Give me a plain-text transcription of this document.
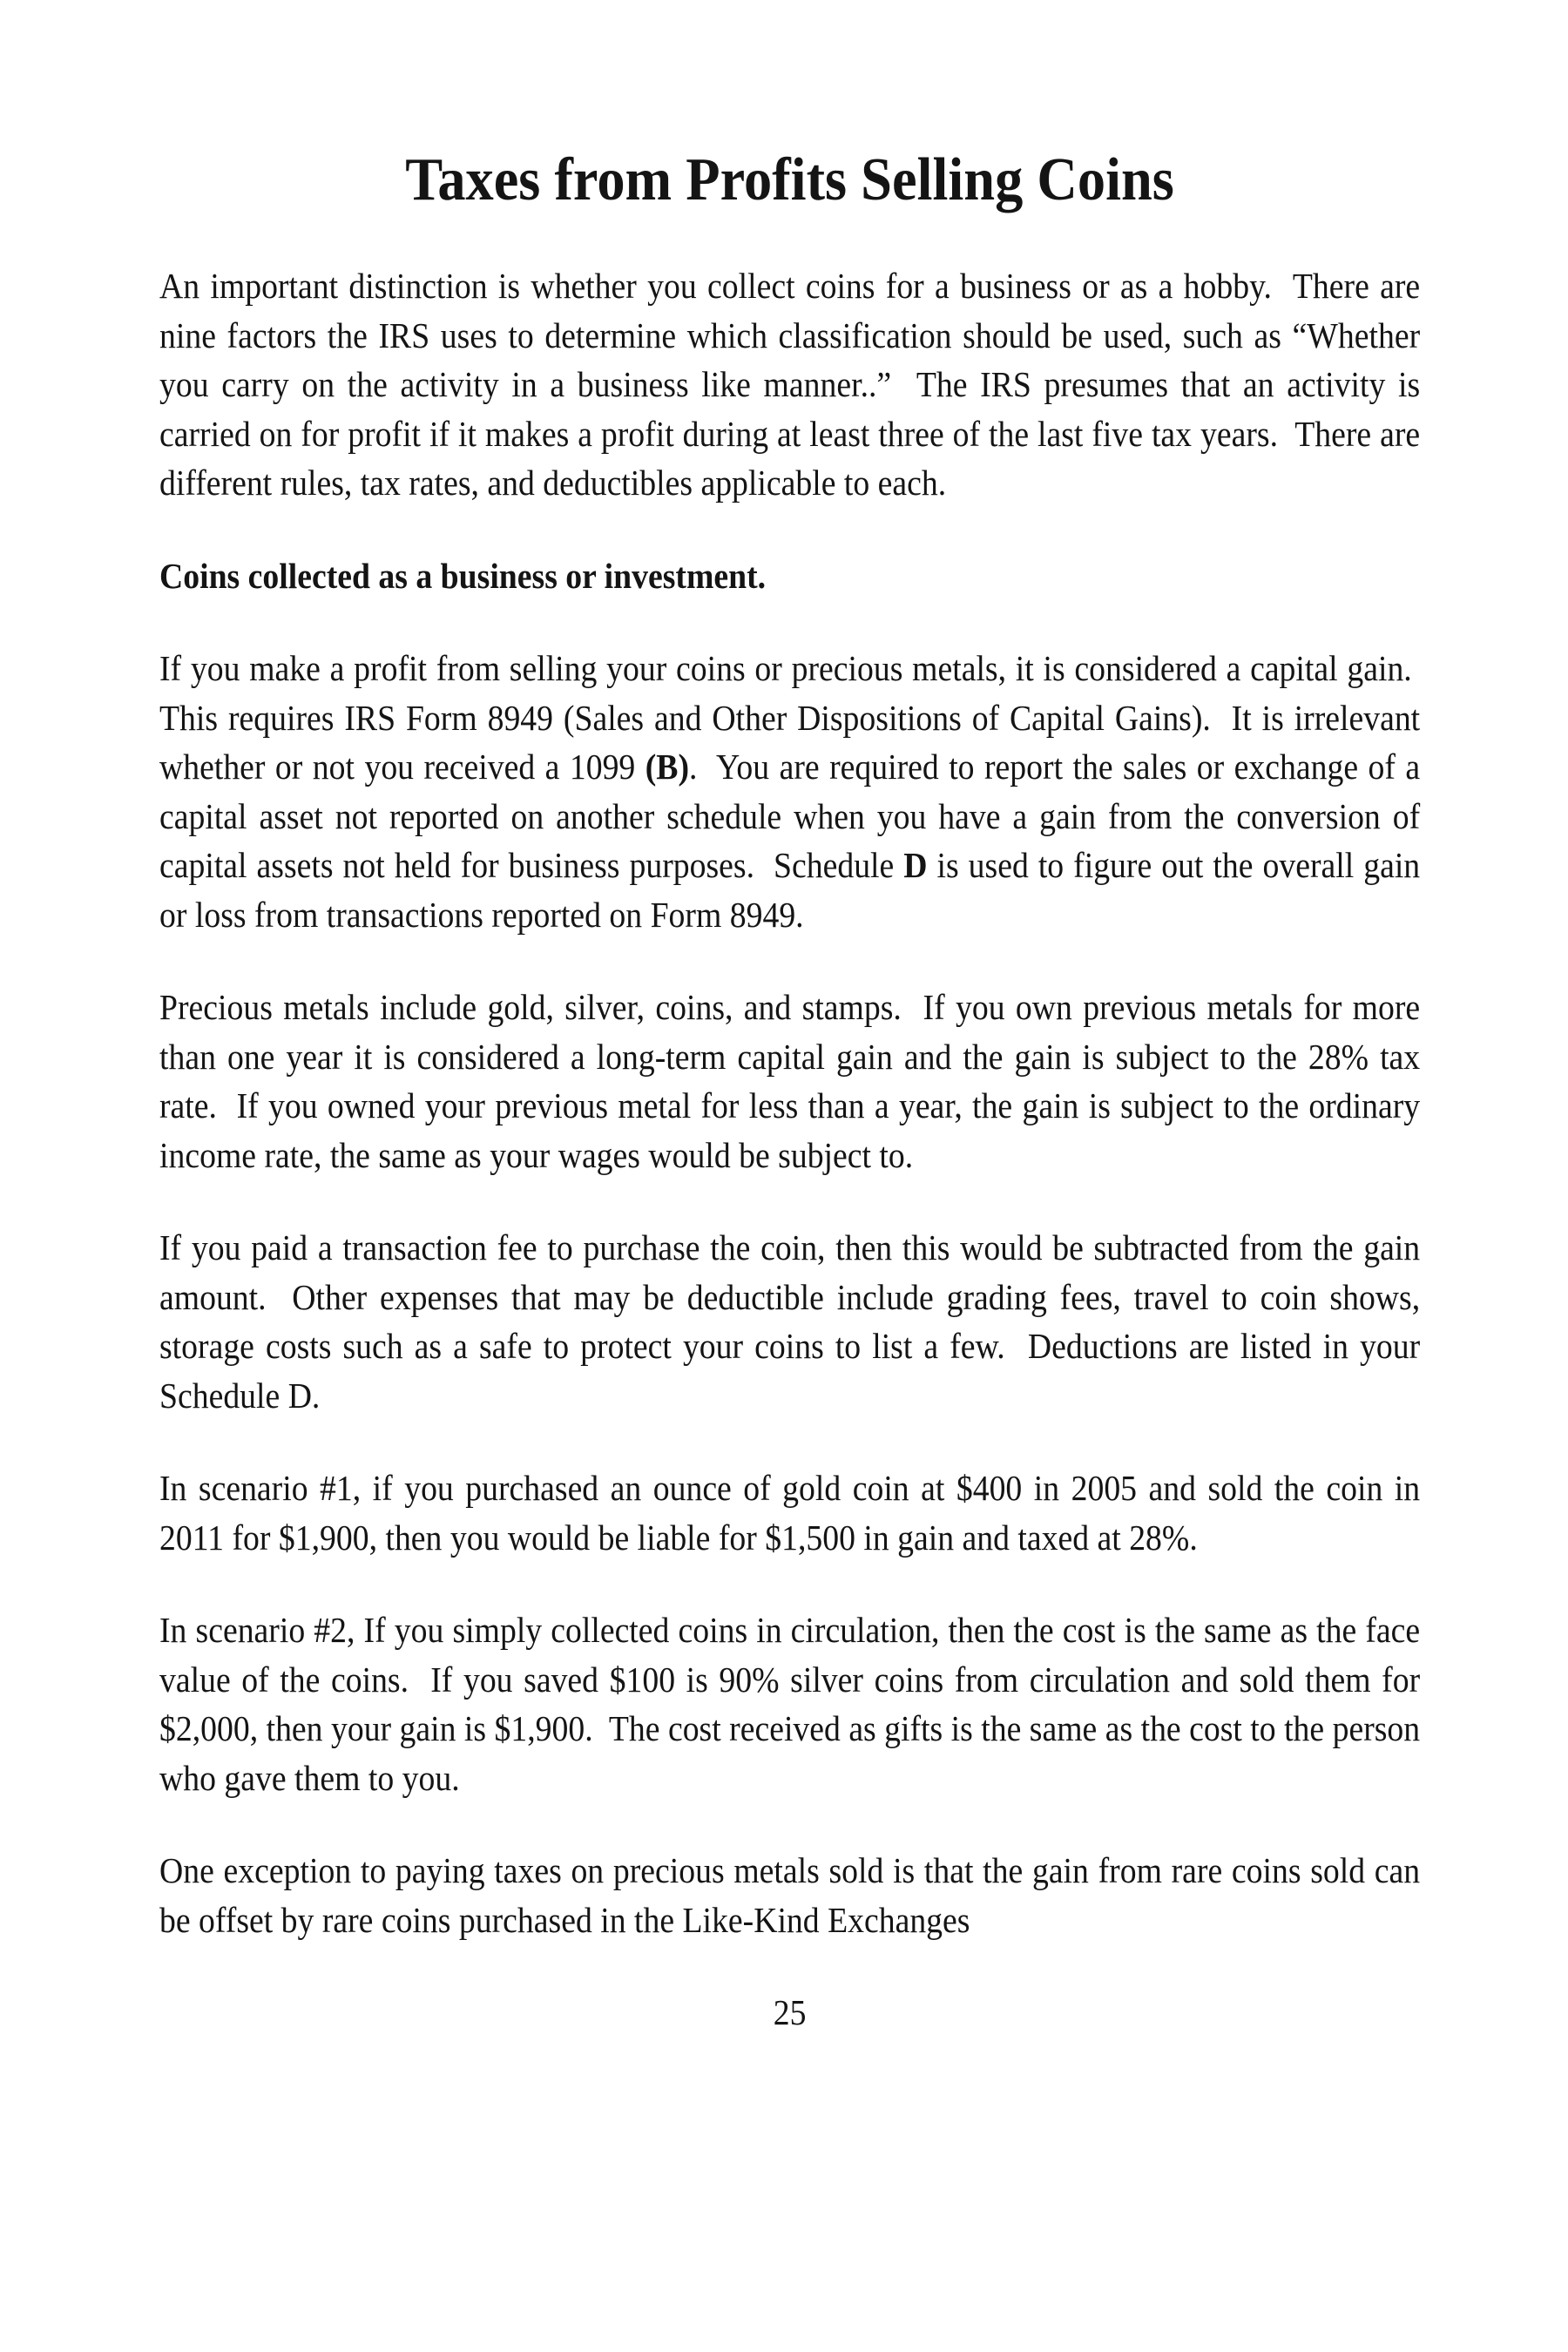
Taxes from Profits Selling Coins

An important distinction is whether you collect coins for a business or as a hobby.  There are nine factors the IRS uses to determine which classification should be used, such as “Whether you carry on the activity in a business like manner..”  The IRS presumes that an activity is carried on for profit if it makes a profit during at least three of the last five tax years.  There are different rules, tax rates, and deductibles applicable to each.

Coins collected as a business or investment.

If you make a profit from selling your coins or precious metals, it is considered a capital gain.  This requires IRS Form 8949 (Sales and Other Dispositions of Capital Gains).  It is irrelevant whether or not you received a 1099 (B).  You are required to report the sales or exchange of a capital asset not reported on another schedule when you have a gain from the conversion of capital assets not held for business purposes.  Schedule D is used to figure out the overall gain or loss from transactions reported on Form 8949.

Precious metals include gold, silver, coins, and stamps.  If you own previous metals for more than one year it is considered a long-term capital gain and the gain is subject to the 28% tax rate.  If you owned your previous metal for less than a year, the gain is subject to the ordinary income rate, the same as your wages would be subject to.

If you paid a transaction fee to purchase the coin, then this would be subtracted from the gain amount.  Other expenses that may be deductible include grading fees, travel to coin shows, storage costs such as a safe to protect your coins to list a few.  Deductions are listed in your Schedule D.

In scenario #1, if you purchased an ounce of gold coin at $400 in 2005 and sold the coin in 2011 for $1,900, then you would be liable for $1,500 in gain and taxed at 28%.

In scenario #2, If you simply collected coins in circulation, then the cost is the same as the face value of the coins.  If you saved $100 is 90% silver coins from circulation and sold them for $2,000, then your gain is $1,900.  The cost received as gifts is the same as the cost to the person who gave them to you.

One exception to paying taxes on precious metals sold is that the gain from rare coins sold can be offset by rare coins purchased in the Like-Kind Exchanges

25
